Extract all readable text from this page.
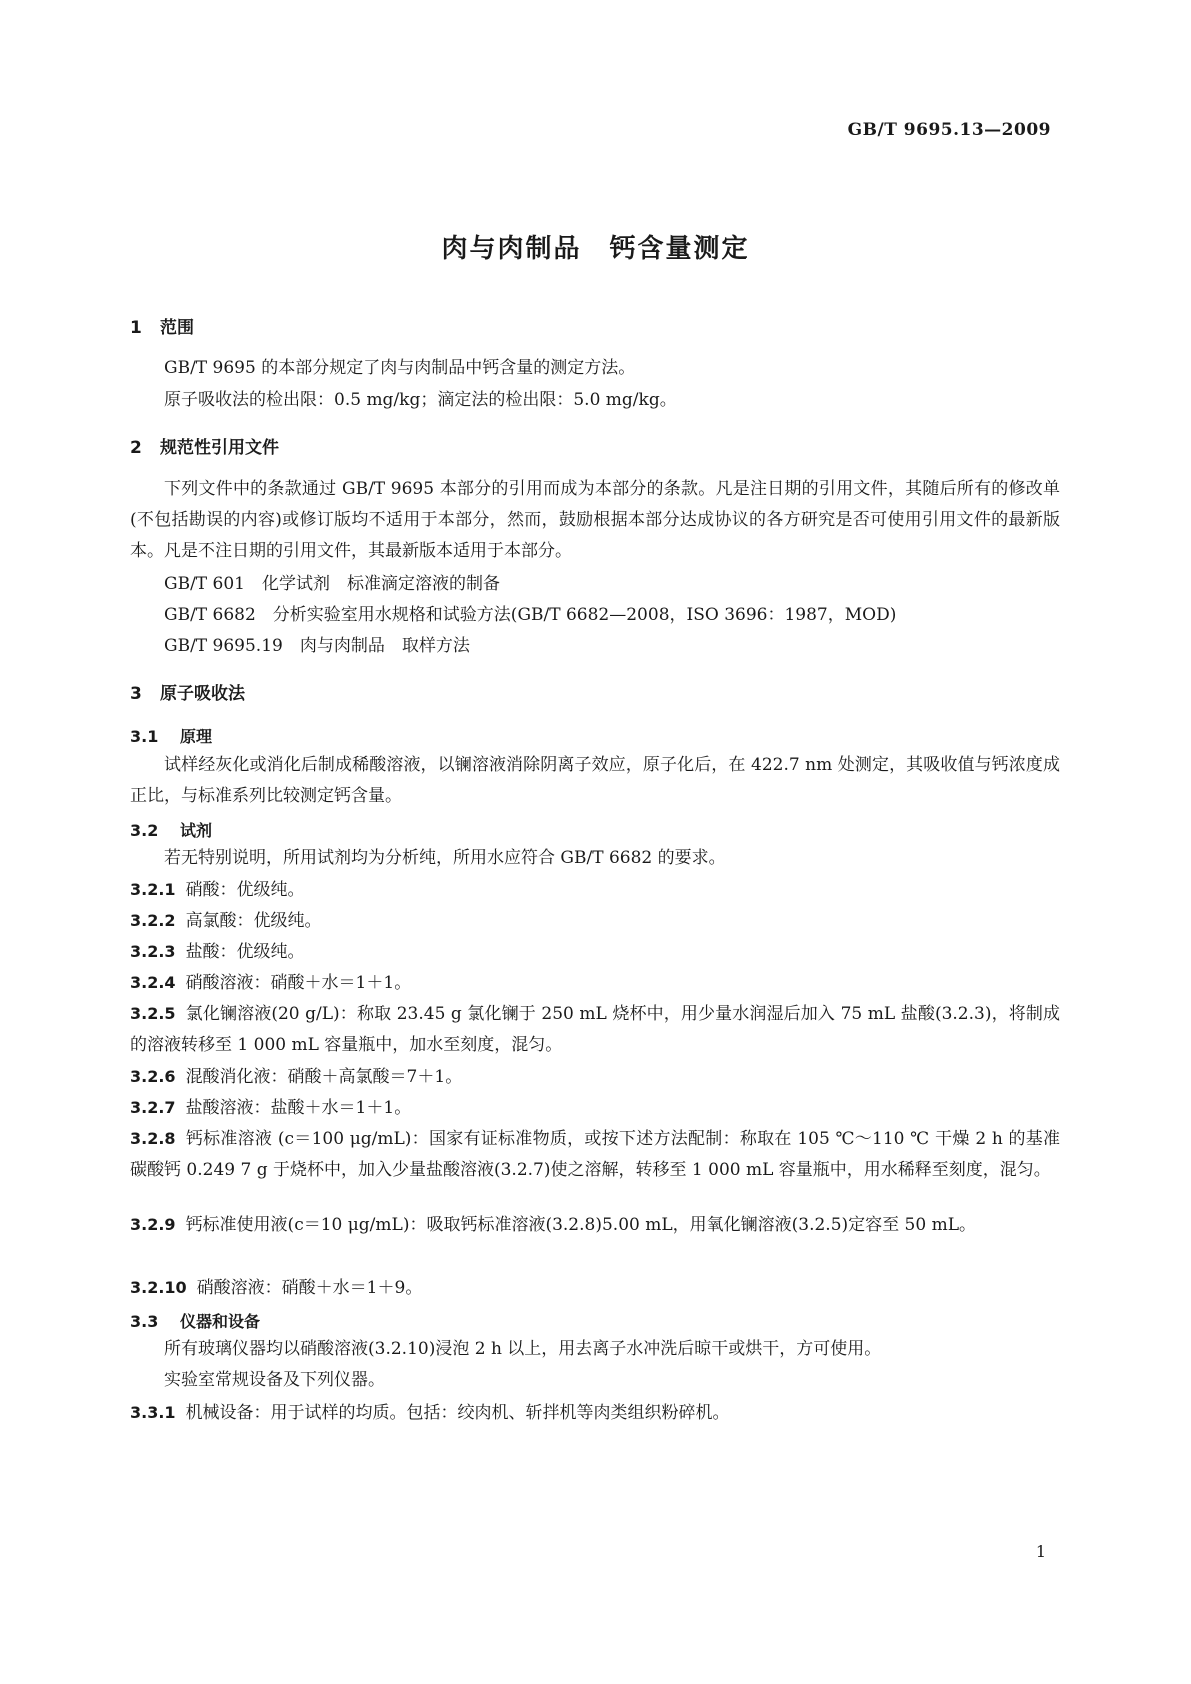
GB/T 9695.13—2009
肉与肉制品　钙含量测定
1 范围
GB/T 9695 的本部分规定了肉与肉制品中钙含量的测定方法。
原子吸收法的检出限：0.5 mg/kg；滴定法的检出限：5.0 mg/kg。
2 规范性引用文件
下列文件中的条款通过 GB/T 9695 本部分的引用而成为本部分的条款。凡是注日期的引用文件，其随后所有的修改单(不包括勘误的内容)或修订版均不适用于本部分，然而，鼓励根据本部分达成协议的各方研究是否可使用引用文件的最新版本。凡是不注日期的引用文件，其最新版本适用于本部分。
GB/T 601　化学试剂　标准滴定溶液的制备
GB/T 6682　分析实验室用水规格和试验方法(GB/T 6682—2008，ISO 3696：1987，MOD)
GB/T 9695.19　肉与肉制品　取样方法
3 原子吸收法
3.1 原理
试样经灰化或消化后制成稀酸溶液，以镧溶液消除阴离子效应，原子化后，在 422.7 nm 处测定，其吸收值与钙浓度成正比，与标准系列比较测定钙含量。
3.2 试剂
若无特别说明，所用试剂均为分析纯，所用水应符合 GB/T 6682 的要求。
3.2.1 硝酸：优级纯。
3.2.2 高氯酸：优级纯。
3.2.3 盐酸：优级纯。
3.2.4 硝酸溶液：硝酸＋水＝1＋1。
3.2.5 氯化镧溶液(20 g/L)：称取 23.45 g 氯化镧于 250 mL 烧杯中，用少量水润湿后加入 75 mL 盐酸(3.2.3)，将制成的溶液转移至 1 000 mL 容量瓶中，加水至刻度，混匀。
3.2.6 混酸消化液：硝酸＋高氯酸＝7＋1。
3.2.7 盐酸溶液：盐酸＋水＝1＋1。
3.2.8 钙标准溶液 (c＝100 μg/mL)：国家有证标准物质，或按下述方法配制：称取在 105 ℃～110 ℃ 干燥 2 h 的基准碳酸钙 0.249 7 g 于烧杯中，加入少量盐酸溶液(3.2.7)使之溶解，转移至 1 000 mL 容量瓶中，用水稀释至刻度，混匀。
3.2.9 钙标准使用液(c＝10 μg/mL)：吸取钙标准溶液(3.2.8)5.00 mL，用氧化镧溶液(3.2.5)定容至 50 mL。
3.2.10 硝酸溶液：硝酸＋水＝1＋9。
3.3 仪器和设备
所有玻璃仪器均以硝酸溶液(3.2.10)浸泡 2 h 以上，用去离子水冲洗后晾干或烘干，方可使用。
实验室常规设备及下列仪器。
3.3.1 机械设备：用于试样的均质。包括：绞肉机、斩拌机等肉类组织粉碎机。
1
